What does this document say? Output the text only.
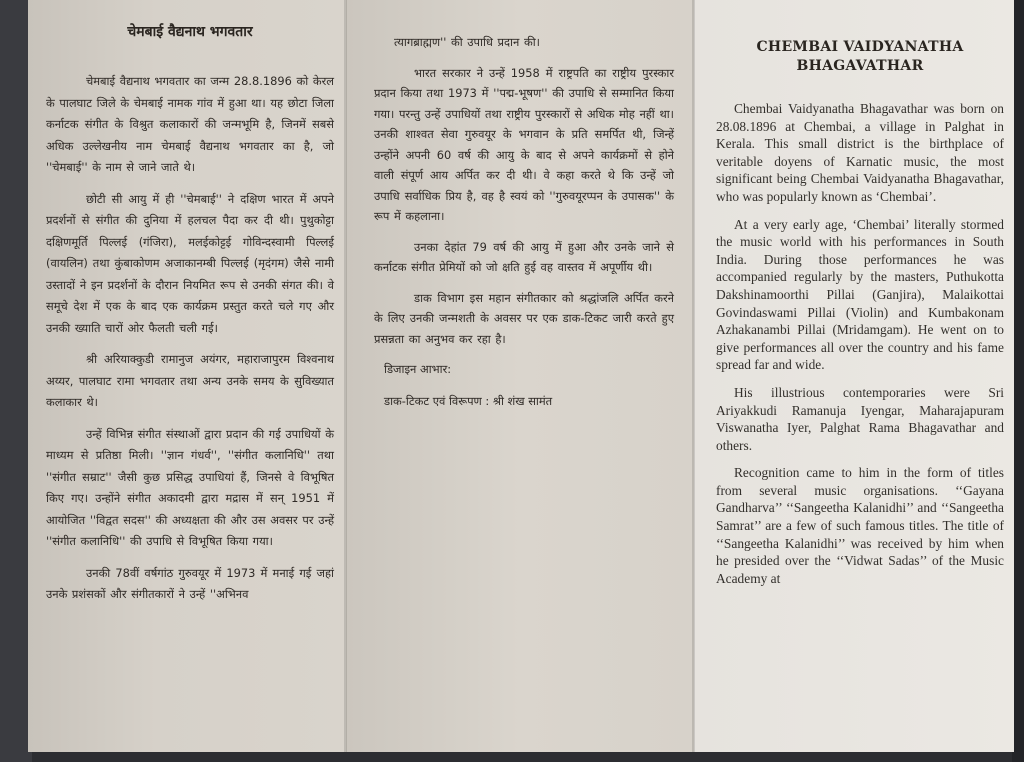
चेमबाई वैद्यनाथ भगवतार

चेमबाई वैद्यनाथ भगवतार का जन्म 28.8.1896 को केरल के पालघाट जिले के चेमबाई नामक गांव में हुआ था। यह छोटा जिला कर्नाटक संगीत के विश्रुत कलाकारों की जन्मभूमि है, जिनमें सबसे अधिक उल्लेखनीय नाम चेमबाई वैद्यनाथ भगवतार का है, जो ''चेमबाई'' के नाम से जाने जाते थे।

छोटी सी आयु में ही ''चेमबाई'' ने दक्षिण भारत में अपने प्रदर्शनों से संगीत की दुनिया में हलचल पैदा कर दी थी। पुथुकोट्टा दक्षिणमूर्ति पिल्लई (गंजिरा), मलईकोट्टई गोविन्दस्वामी पिल्लई (वायलिन) तथा कुंबाकोणम अजाकानम्बी पिल्लई (मृदंगम) जैसे नामी उस्तादों ने इन प्रदर्शनों के दौरान नियमित रूप से उनकी संगत की। वे समूचे देश में एक के बाद एक कार्यक्रम प्रस्तुत करते चले गए और उनकी ख्याति चारों ओर फैलती चली गई।

श्री अरियाक्कुडी रामानुज अयंगर, महाराजापुरम विश्वनाथ अय्यर, पालघाट रामा भगवतार तथा अन्य उनके समय के सुविख्यात कलाकार थे।

उन्हें विभिन्न संगीत संस्थाओं द्वारा प्रदान की गई उपाधियों के माध्यम से प्रतिष्ठा मिली। ''ज्ञान गंधर्व'', ''संगीत कलानिधि'' तथा ''संगीत सम्राट'' जैसी कुछ प्रसिद्ध उपाधियां हैं, जिनसे वे विभूषित किए गए। उन्होंने संगीत अकादमी द्वारा मद्रास में सन् 1951 में आयोजित ''विद्वत सदस'' की अध्यक्षता की और उस अवसर पर उन्हें ''संगीत कलानिधि'' की उपाधि से विभूषित किया गया।

उनकी 78वीं वर्षगांठ गुरुवयूर में 1973 में मनाई गई जहां उनके प्रशंसकों और संगीतकारों ने उन्हें ''अभिनव

त्यागब्राह्मण'' की उपाधि प्रदान की।

भारत सरकार ने उन्हें 1958 में राष्ट्रपति का राष्ट्रीय पुरस्कार प्रदान किया तथा 1973 में ''पद्म-भूषण'' की उपाधि से सम्मानित किया गया। परन्तु उन्हें उपाधियों तथा राष्ट्रीय पुरस्कारों से अधिक मोह नहीं था। उनकी शाश्वत सेवा गुरुवयूर के भगवान के प्रति समर्पित थी, जिन्हें उन्होंने अपनी 60 वर्ष की आयु के बाद से अपने कार्यक्रमों से होने वाली संपूर्ण आय अर्पित कर दी थी। वे कहा करते थे कि उन्हें जो उपाधि सर्वाधिक प्रिय है, वह है स्वयं को ''गुरुवयूरप्पन के उपासक'' के रूप में कहलाना।

उनका देहांत 79 वर्ष की आयु में हुआ और उनके जाने से कर्नाटक संगीत प्रेमियों को जो क्षति हुई वह वास्तव में अपूर्णीय थी।

डाक विभाग इस महान संगीतकार को श्रद्धांजलि अर्पित करने के लिए उनकी जन्मशती के अवसर पर एक डाक-टिकट जारी करते हुए प्रसन्नता का अनुभव कर रहा है।

डिजाइन आभार:

डाक-टिकट एवं विरूपण : श्री शंख सामंत

CHEMBAI VAIDYANATHA BHAGAVATHAR

Chembai Vaidyanatha Bhagavathar was born on 28.08.1896 at Chembai, a village in Palghat in Kerala. This small district is the birthplace of veritable doyens of Karnatic music, the most significant being Chembai Vaidyanatha Bhagavathar, who was popularly known as ‘Chembai’.

At a very early age, ‘Chembai’ literally stormed the music world with his performances in South India. During those performances he was accompanied regularly by the masters, Puthukotta Dakshinamoorthi Pillai (Ganjira), Malaikottai Govindaswami Pillai (Violin) and Kumbakonam Azhakanambi Pillai (Mridamgam). He went on to give performances all over the country and his fame spread far and wide.

His illustrious contemporaries were Sri Ariyakkudi Ramanuja Iyengar, Maharajapuram Viswanatha Iyer, Palghat Rama Bhagavathar and others.

Recognition came to him in the form of titles from several music organisations. ‘‘Gayana Gandharva’’ ‘‘Sangeetha Kalanidhi’’ and ‘‘Sangeetha Samrat’’ are a few of such famous titles. The title of ‘‘Sangeetha Kalanidhi’’ was received by him when he presided over the ‘‘Vidwat Sadas’’ of the Music Academy at
